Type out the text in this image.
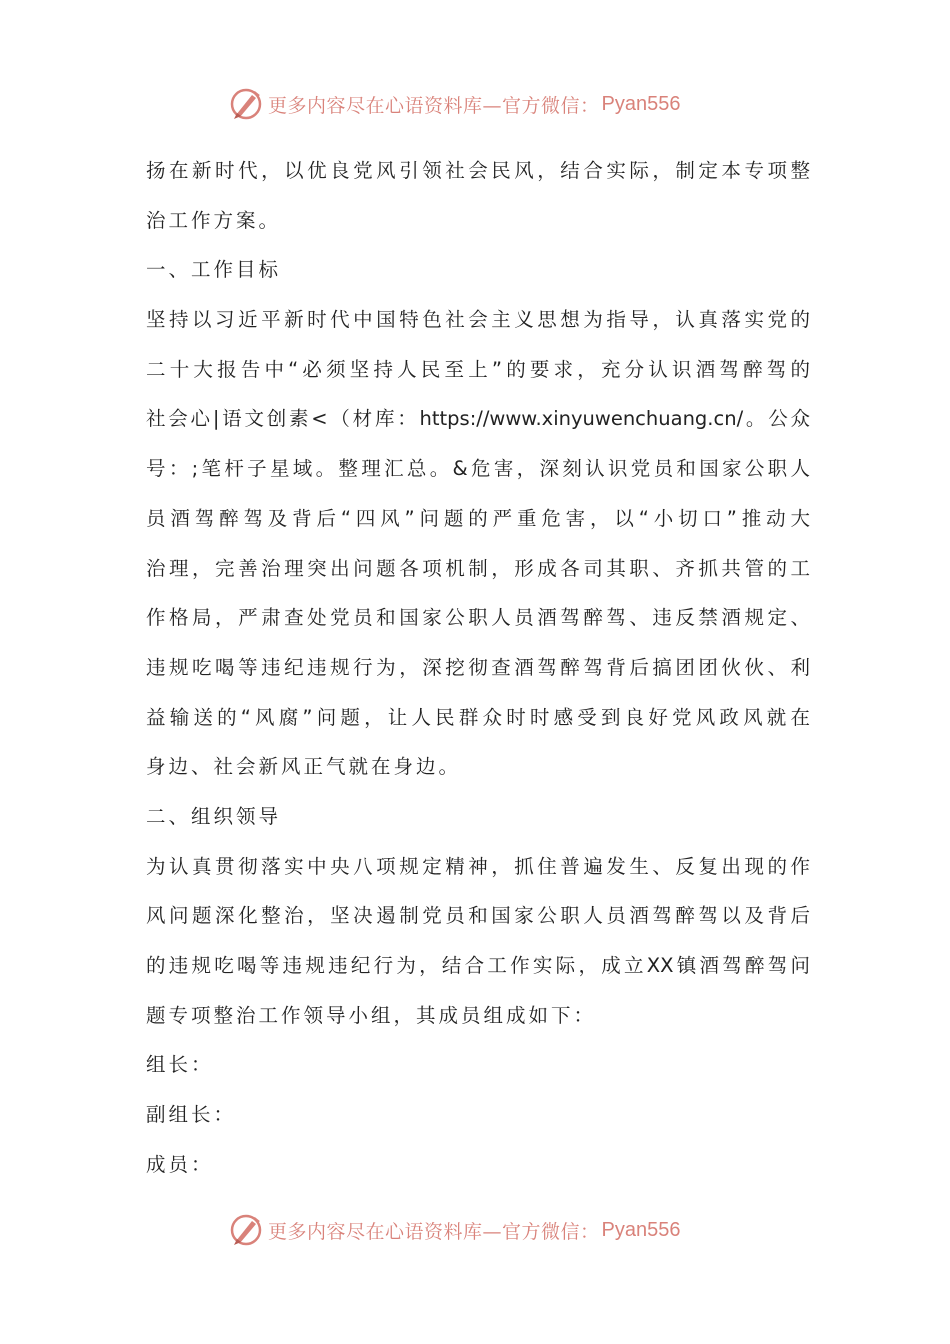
更多内容尽在心语资料库—官方微信： Pyan556
扬在新时代，以优良党风引领社会民风，结合实际，制定本专项整
治工作方案。
一、工作目标
坚持以习近平新时代中国特色社会主义思想为指导，认真落实党的
二十大报告中“必须坚持人民至上”的要求，充分认识酒驾醉驾的
社会心|语文创素<（材库：https://www.xinyuwenchuang.cn/。公众
号：;笔杆子星域。整理汇总。&危害，深刻认识党员和国家公职人
员酒驾醉驾及背后“四风”问题的严重危害，以“小切口”推动大
治理，完善治理突出问题各项机制，形成各司其职、齐抓共管的工
作格局，严肃查处党员和国家公职人员酒驾醉驾、违反禁酒规定、
违规吃喝等违纪违规行为，深挖彻查酒驾醉驾背后搞团团伙伙、利
益输送的“风腐”问题，让人民群众时时感受到良好党风政风就在
身边、社会新风正气就在身边。
二、组织领导
为认真贯彻落实中央八项规定精神，抓住普遍发生、反复出现的作
风问题深化整治，坚决遏制党员和国家公职人员酒驾醉驾以及背后
的违规吃喝等违规违纪行为，结合工作实际，成立XX镇酒驾醉驾问
题专项整治工作领导小组，其成员组成如下：
组长：
副组长：
成员：
更多内容尽在心语资料库—官方微信： Pyan556
